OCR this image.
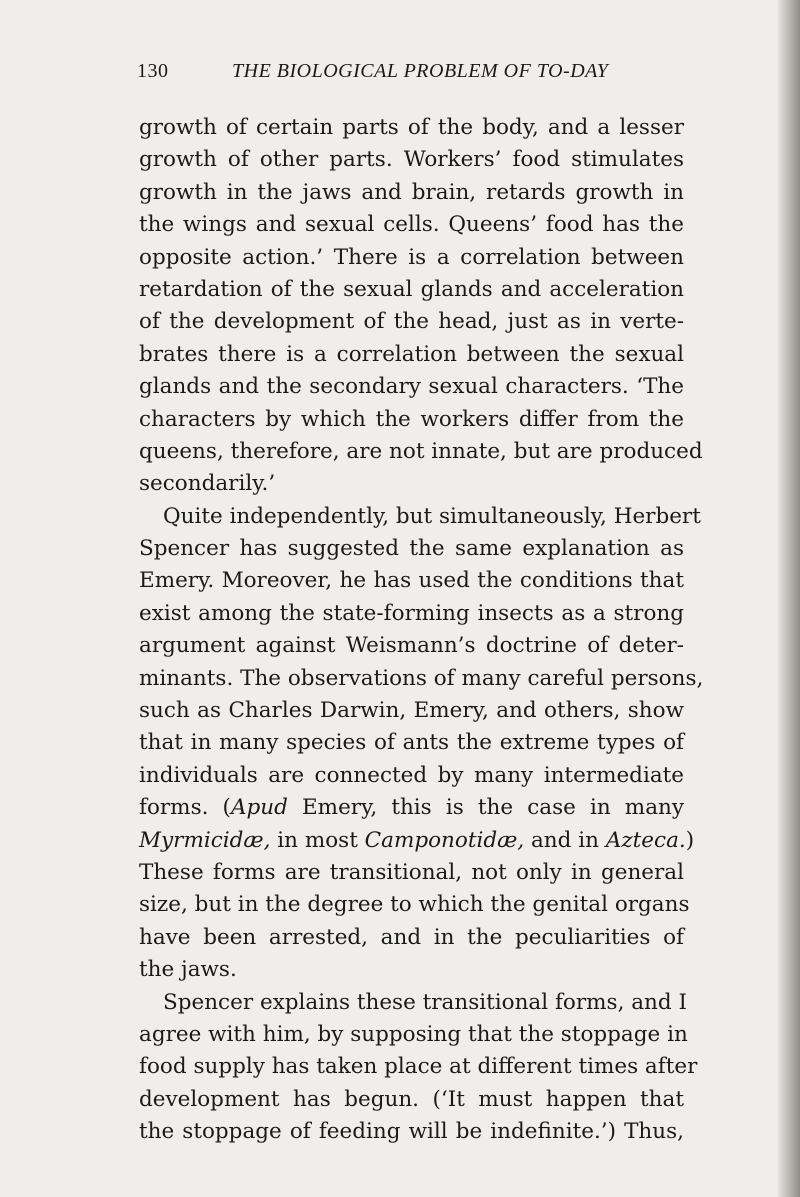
130	THE BIOLOGICAL PROBLEM OF TO-DAY
growth of certain parts of the body, and a lesser
growth of other parts. Workers’ food stimulates
growth in the jaws and brain, retards growth in
the wings and sexual cells. Queens’ food has the
opposite action.’ There is a correlation between
retardation of the sexual glands and acceleration
of the development of the head, just as in verte-
brates there is a correlation between the sexual
glands and the secondary sexual characters. ‘The
characters by which the workers differ from the
queens, therefore, are not innate, but are produced
secondarily.’
Quite independently, but simultaneously, Herbert
Spencer has suggested the same explanation as
Emery. Moreover, he has used the conditions that
exist among the state-forming insects as a strong
argument against Weismann’s doctrine of deter-
minants. The observations of many careful persons,
such as Charles Darwin, Emery, and others, show
that in many species of ants the extreme types of
individuals are connected by many intermediate
forms. (Apud Emery, this is the case in many
Myrmicidæ, in most Camponotidæ, and in Azteca.)
These forms are transitional, not only in general
size, but in the degree to which the genital organs
have been arrested, and in the peculiarities of
the jaws.
Spencer explains these transitional forms, and I
agree with him, by supposing that the stoppage in
food supply has taken place at different times after
development has begun. (‘It must happen that
the stoppage of feeding will be indefinite.’) Thus,
